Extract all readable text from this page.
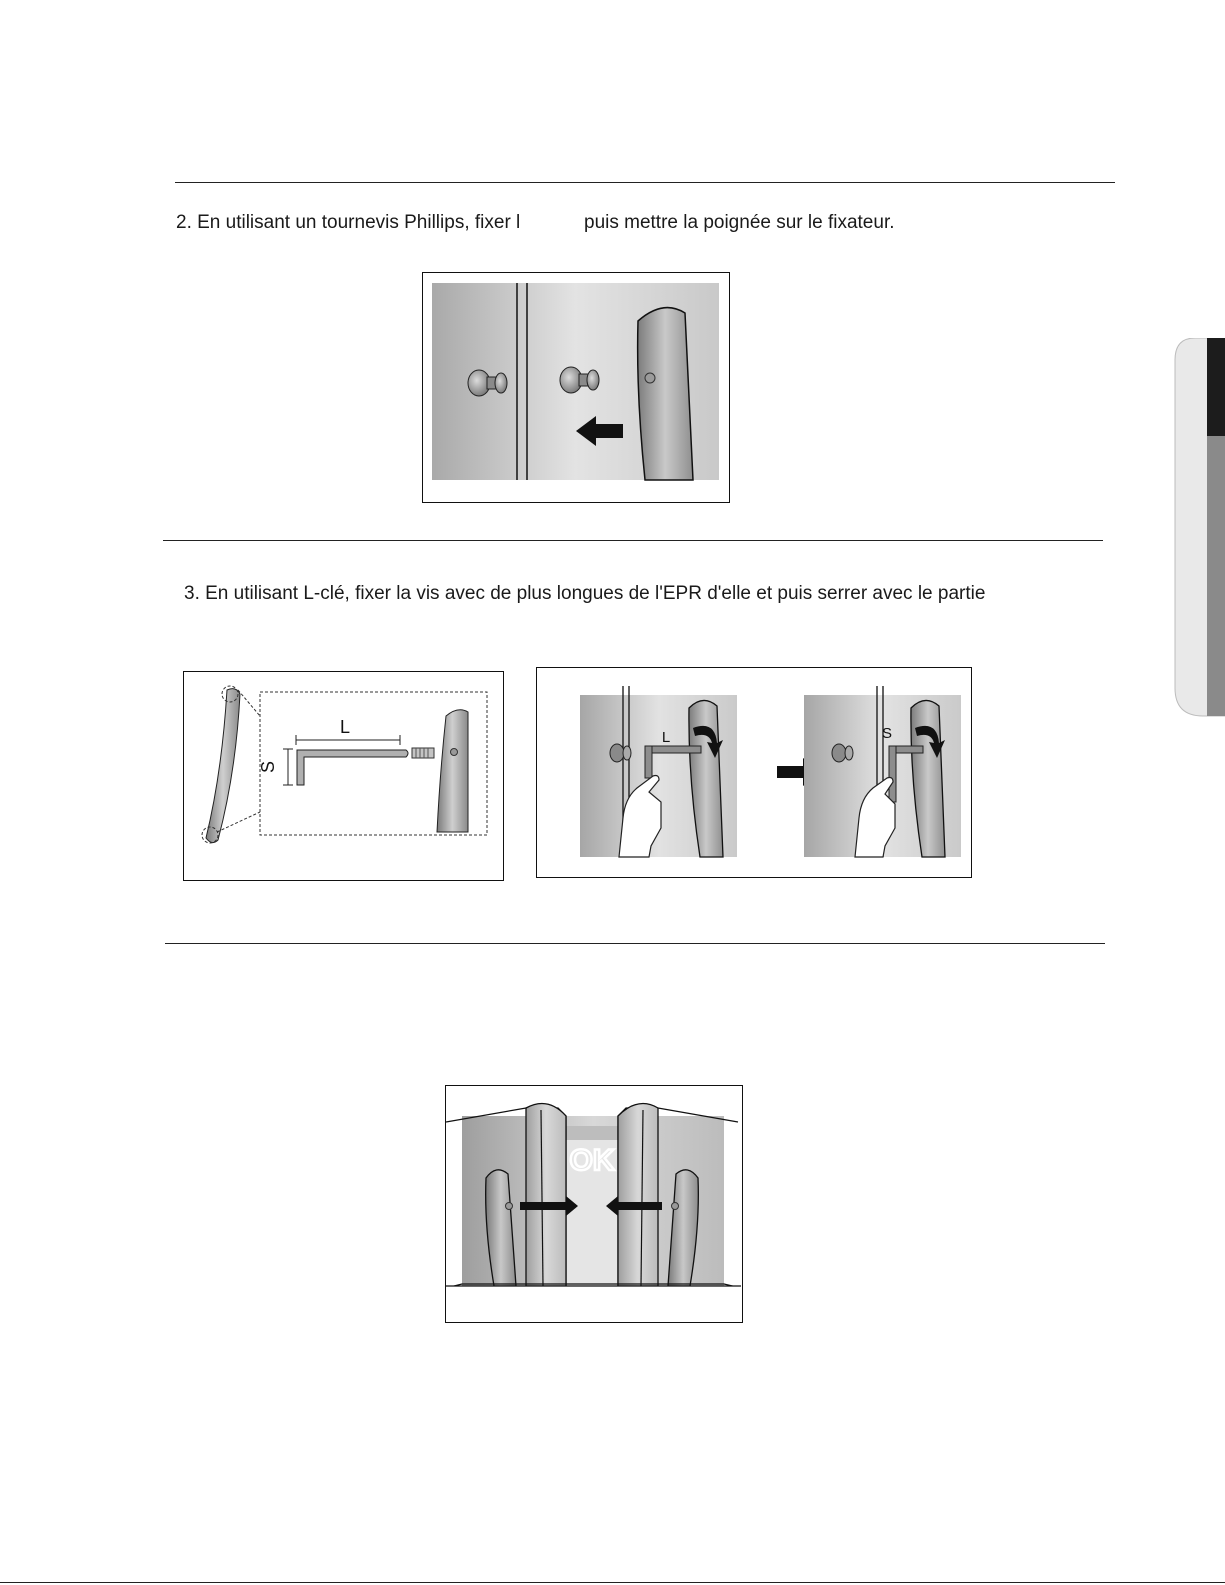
2. En utilisant un tournevis Phillips, fixer l	puis mettre la poignée sur le fixateur.
3. En utilisant L-clé, fixer la vis avec de plus longues de l'EPR d'elle et puis serrer avec le partie
L
S
L	S
OK
